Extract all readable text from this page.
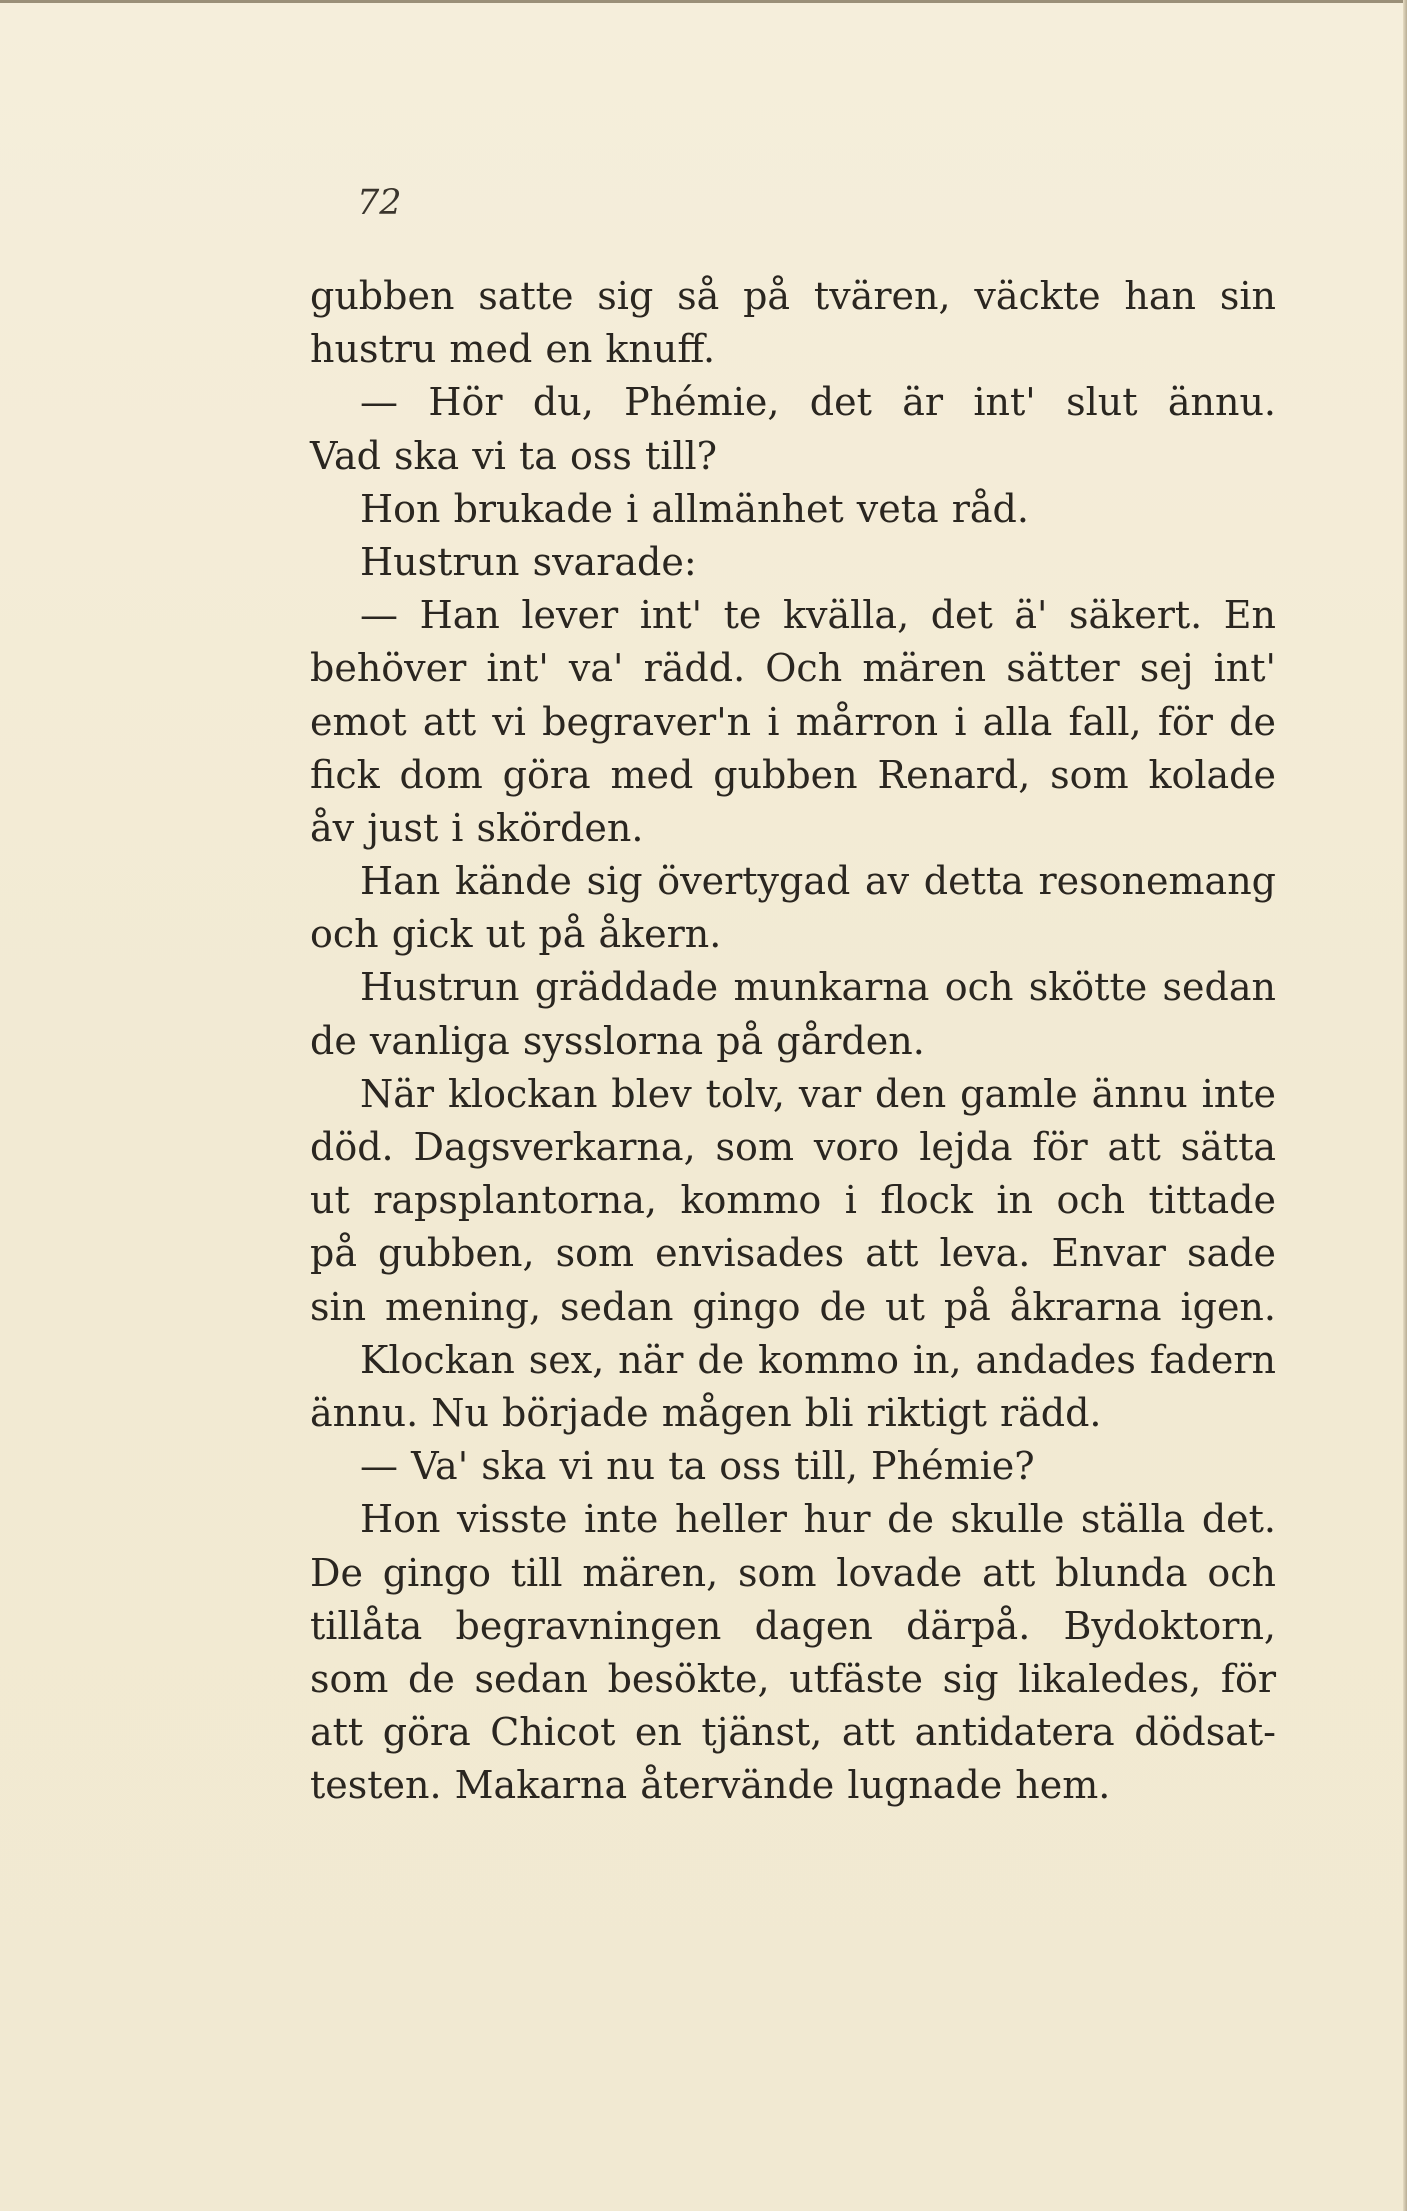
72
gubben satte sig så på tvären, väckte han sin
hustru med en knuff.
— Hör du, Phémie, det är int' slut ännu.
Vad ska vi ta oss till?
Hon brukade i allmänhet veta råd.
Hustrun svarade:
— Han lever int' te kvälla, det ä' säkert. En
behöver int' va' rädd. Och mären sätter sej int'
emot att vi begraver'n i mårron i alla fall, för de
fick dom göra med gubben Renard, som kolade
åv just i skörden.
Han kände sig övertygad av detta resonemang
och gick ut på åkern.
Hustrun gräddade munkarna och skötte sedan
de vanliga sysslorna på gården.
När klockan blev tolv, var den gamle ännu inte
död. Dagsverkarna, som voro lejda för att sätta
ut rapsplantorna, kommo i flock in och tittade
på gubben, som envisades att leva. Envar sade
sin mening, sedan gingo de ut på åkrarna igen.
Klockan sex, när de kommo in, andades fadern
ännu. Nu började mågen bli riktigt rädd.
— Va' ska vi nu ta oss till, Phémie?
Hon visste inte heller hur de skulle ställa det.
De gingo till mären, som lovade att blunda och
tillåta begravningen dagen därpå. Bydoktorn,
som de sedan besökte, utfäste sig likaledes, för
att göra Chicot en tjänst, att antidatera dödsat-
testen. Makarna återvände lugnade hem.
